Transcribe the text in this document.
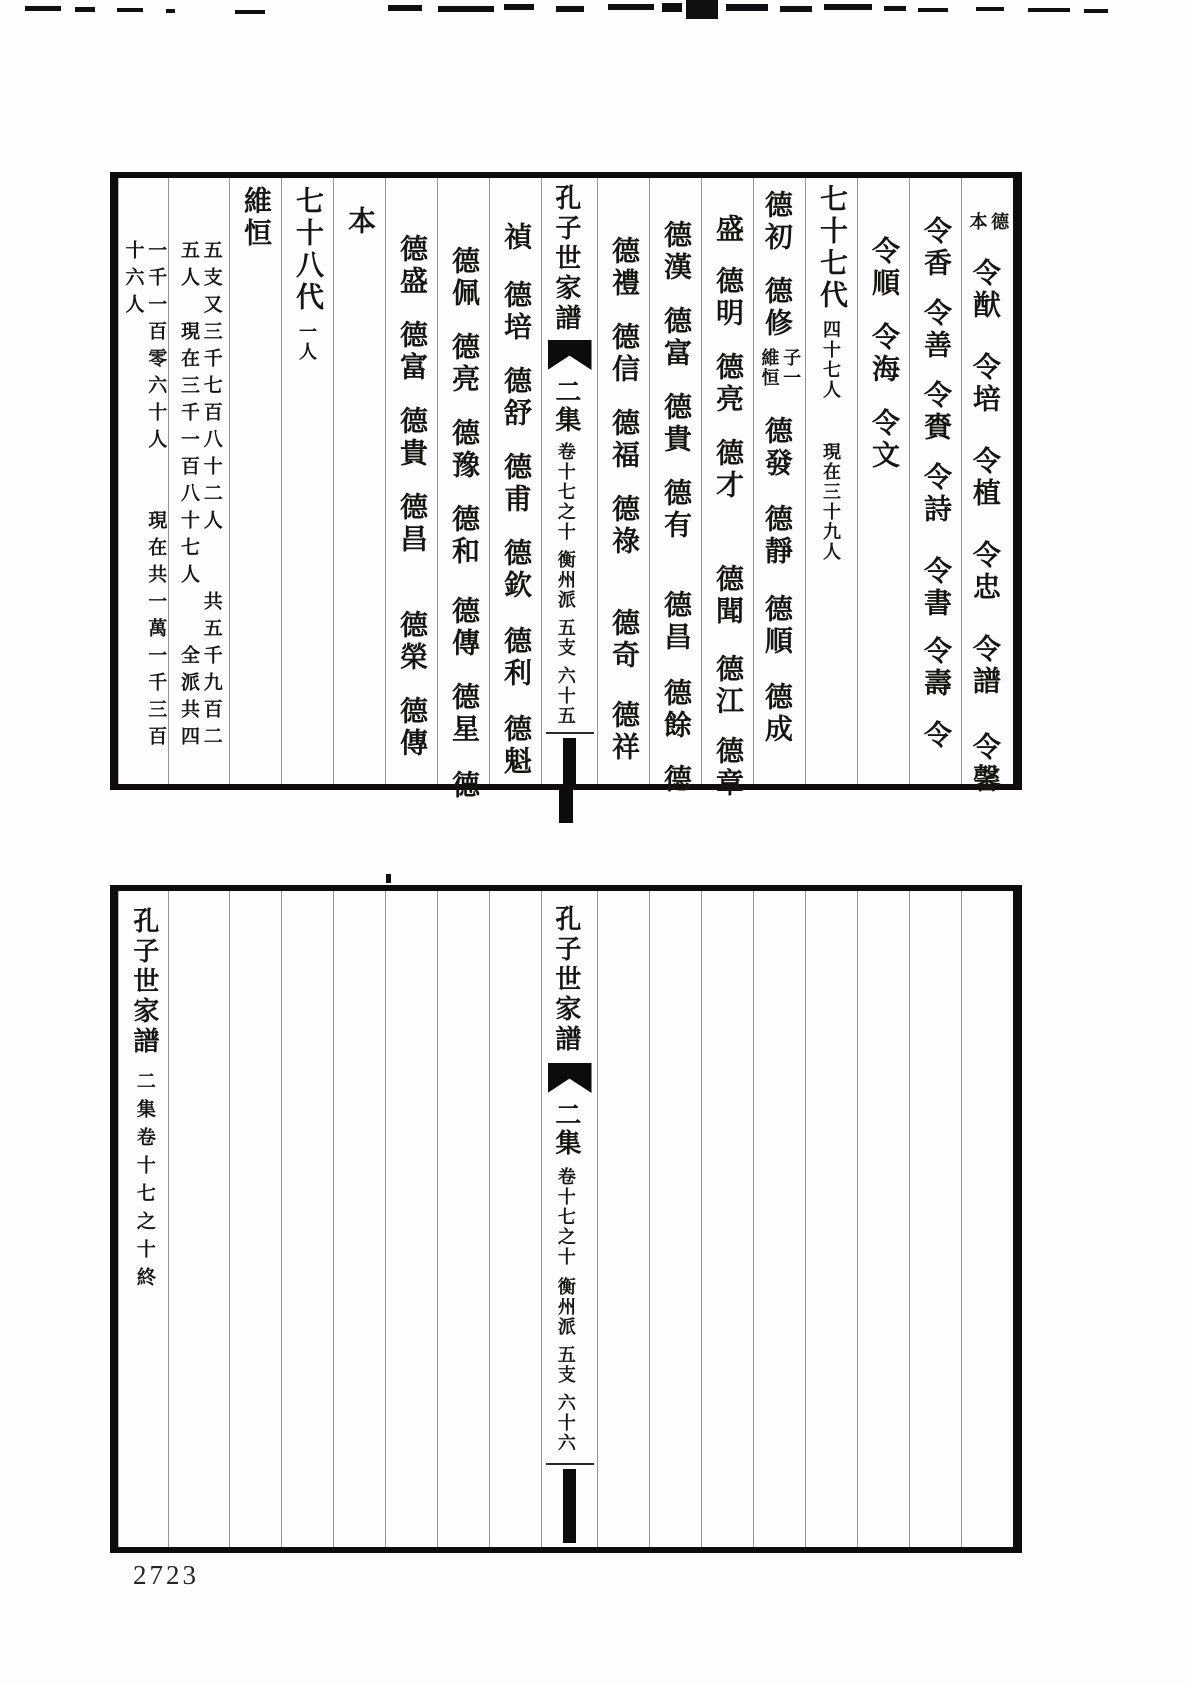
德
本
令猷令培令植令忠令譜令馨
令香令善令賚令詩令書令壽令
令順令海令文
七十七代四十七人現在三十九人
德初德修
子一
維恒
德發德靜德順德成
盛德明德亮德才德聞德江德章
德漢德富德貴德有德昌德餘德
德禮德信德福德祿德奇德祥
孔子世家譜二集卷十七之十衡州派五支六十五
禎德培德舒德甫德欽德利德魁
德佩德亮德豫德和德傳德星德
德盛德富德貴德昌德榮德傳
本
七十八代一人
維恒
五支又三千七百八十二人　　共五千九百二
五人　現在三千一百八十七人　　全派共四
一千一百零六十人　　現在共一萬一千三百
十六人
孔子世家譜二集卷十七之十衡州派五支六十六
孔子世家譜二集卷十七之十終
2723
